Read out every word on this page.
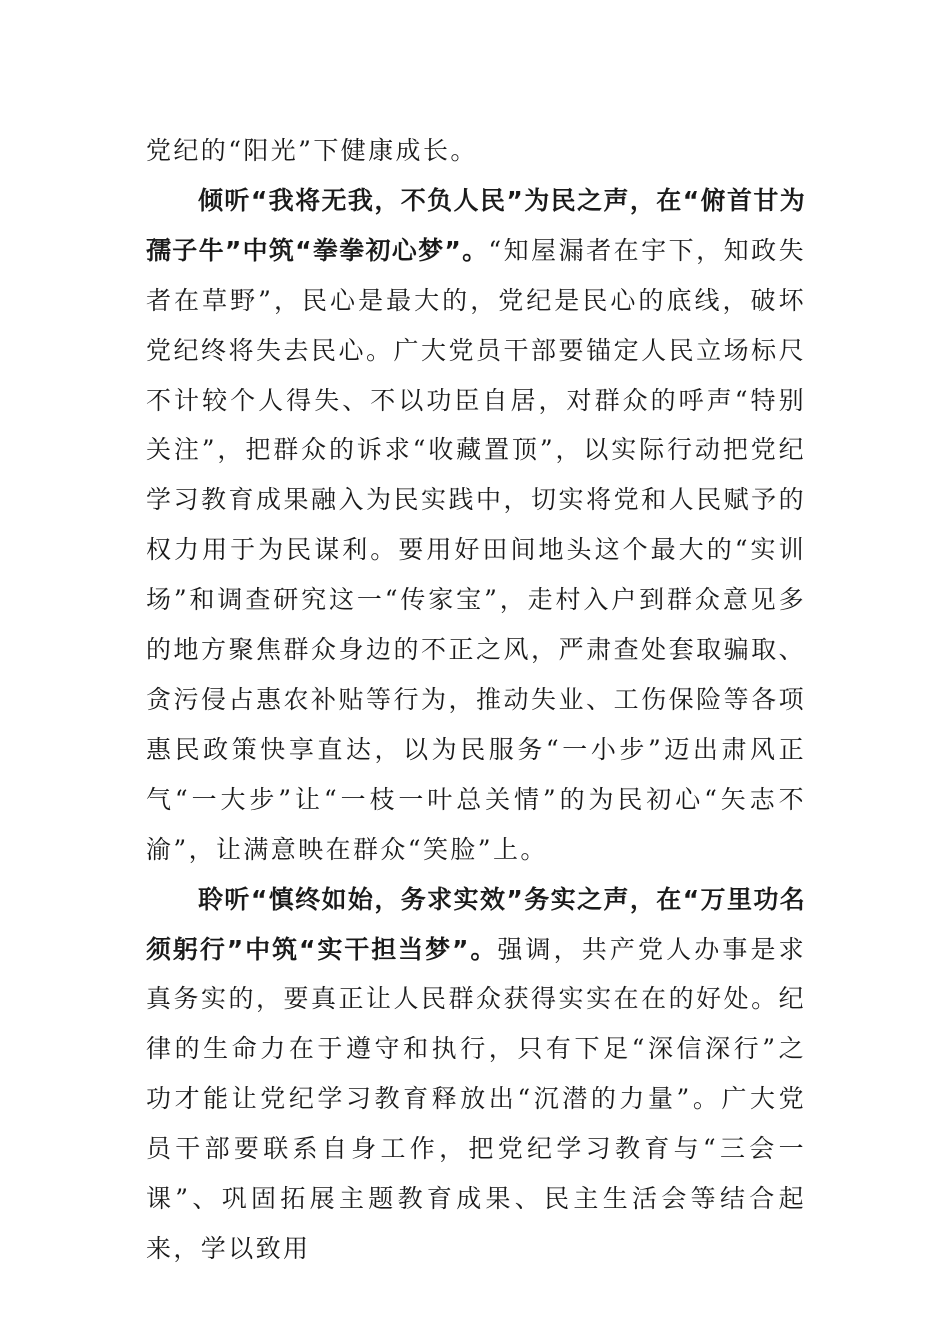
党纪的“阳光”下健康成长。

倾听“我将无我，不负人民”为民之声，在“俯首甘为孺子牛”中筑“拳拳初心梦”。“知屋漏者在宇下，知政失者在草野”，民心是最大的，党纪是民心的底线，破坏党纪终将失去民心。广大党员干部要锚定人民立场标尺不计较个人得失、不以功臣自居，对群众的呼声“特别关注”，把群众的诉求“收藏置顶”，以实际行动把党纪学习教育成果融入为民实践中，切实将党和人民赋予的权力用于为民谋利。要用好田间地头这个最大的“实训场”和调查研究这一“传家宝”，走村入户到群众意见多的地方聚焦群众身边的不正之风，严肃查处套取骗取、贪污侵占惠农补贴等行为，推动失业、工伤保险等各项惠民政策快享直达，以为民服务“一小步”迈出肃风正气“一大步”让“一枝一叶总关情”的为民初心“矢志不渝”，让满意映在群众“笑脸”上。

聆听“慎终如始，务求实效”务实之声，在“万里功名须躬行”中筑“实干担当梦”。强调，共产党人办事是求真务实的，要真正让人民群众获得实实在在的好处。纪律的生命力在于遵守和执行，只有下足“深信深行”之功才能让党纪学习教育释放出“沉潜的力量”。广大党员干部要联系自身工作，把党纪学习教育与“三会一课”、巩固拓展主题教育成果、民主生活会等结合起来，学以致用
